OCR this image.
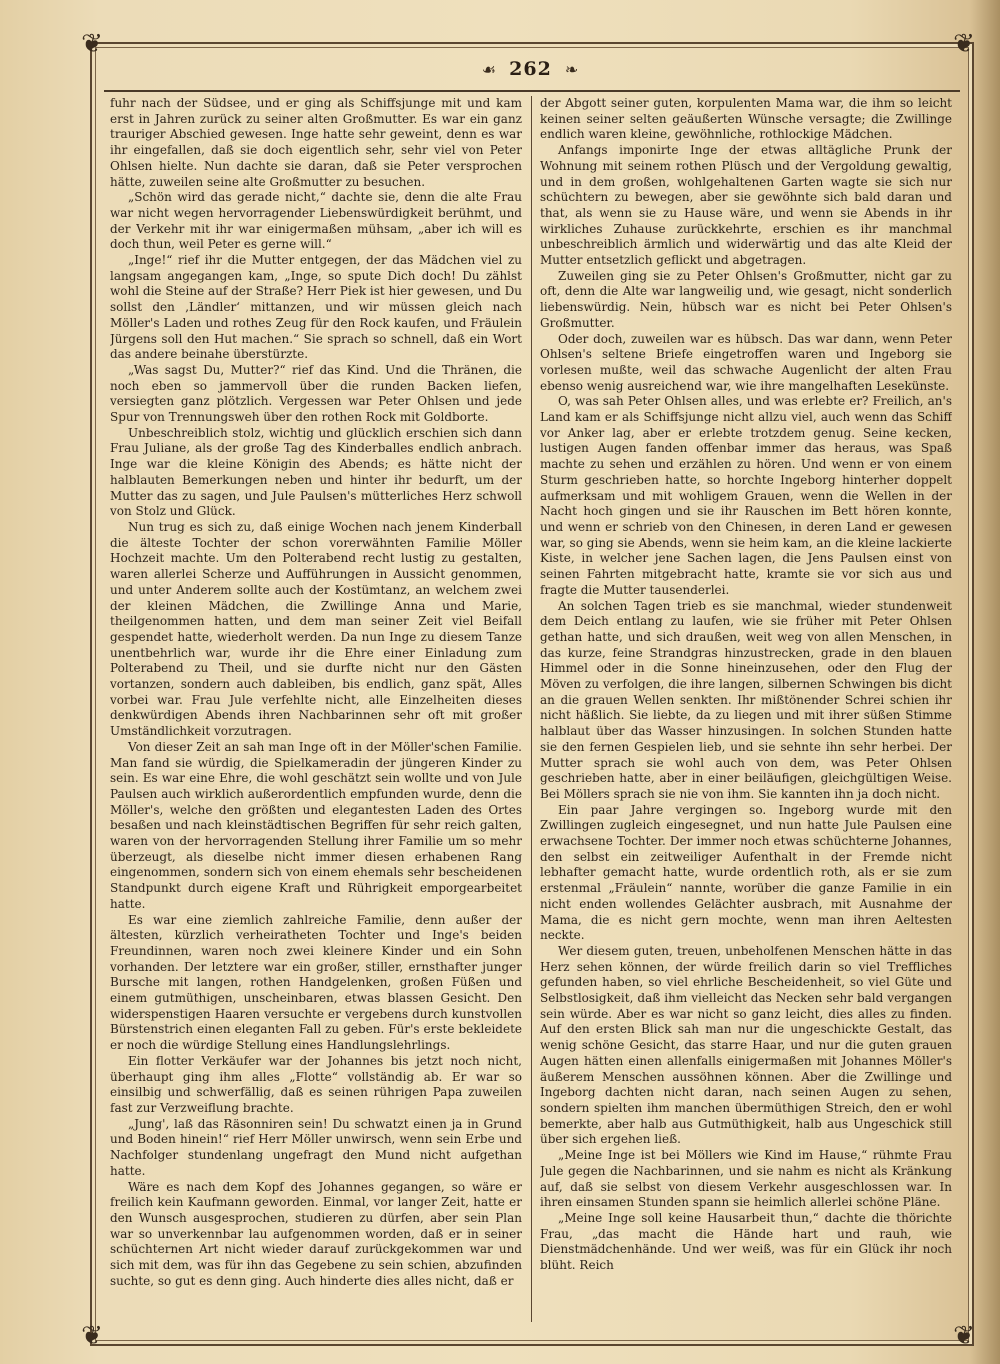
❦	❦
❦	❦
☙ 262 ❧

fuhr nach der Südsee, und er ging als Schiffsjunge mit und kam erst in Jahren zurück zu seiner alten Großmutter. Es war ein ganz trauriger Abschied gewesen. Inge hatte sehr geweint, denn es war ihr eingefallen, daß sie doch eigentlich sehr, sehr viel von Peter Ohlsen hielte. Nun dachte sie daran, daß sie Peter versprochen hätte, zuweilen seine alte Großmutter zu besuchen.

„Schön wird das gerade nicht,“ dachte sie, denn die alte Frau war nicht wegen hervorragender Liebenswürdigkeit berühmt, und der Verkehr mit ihr war einigermaßen mühsam, „aber ich will es doch thun, weil Peter es gerne will.“

„Inge!“ rief ihr die Mutter entgegen, der das Mädchen viel zu langsam angegangen kam, „Inge, so spute Dich doch! Du zählst wohl die Steine auf der Straße? Herr Piek ist hier gewesen, und Du sollst den ‚Ländler‘ mittanzen, und wir müssen gleich nach Möller's Laden und rothes Zeug für den Rock kaufen, und Fräulein Jürgens soll den Hut machen.“ Sie sprach so schnell, daß ein Wort das andere beinahe überstürzte.

„Was sagst Du, Mutter?“ rief das Kind. Und die Thränen, die noch eben so jammervoll über die runden Backen liefen, versiegten ganz plötzlich. Vergessen war Peter Ohlsen und jede Spur von Trennungsweh über den rothen Rock mit Goldborte.

Unbeschreiblich stolz, wichtig und glücklich erschien sich dann Frau Juliane, als der große Tag des Kinderballes endlich anbrach. Inge war die kleine Königin des Abends; es hätte nicht der halblauten Bemerkungen neben und hinter ihr bedurft, um der Mutter das zu sagen, und Jule Paulsen's mütterliches Herz schwoll von Stolz und Glück.

Nun trug es sich zu, daß einige Wochen nach jenem Kinderball die älteste Tochter der schon vorerwähnten Familie Möller Hochzeit machte. Um den Polterabend recht lustig zu gestalten, waren allerlei Scherze und Aufführungen in Aussicht genommen, und unter Anderem sollte auch der Kostümtanz, an welchem zwei der kleinen Mädchen, die Zwillinge Anna und Marie, theilgenommen hatten, und dem man seiner Zeit viel Beifall gespendet hatte, wiederholt werden. Da nun Inge zu diesem Tanze unentbehrlich war, wurde ihr die Ehre einer Einladung zum Polterabend zu Theil, und sie durfte nicht nur den Gästen vortanzen, sondern auch dableiben, bis endlich, ganz spät, Alles vorbei war. Frau Jule verfehlte nicht, alle Einzelheiten dieses denkwürdigen Abends ihren Nachbarinnen sehr oft mit großer Umständlichkeit vorzutragen.

Von dieser Zeit an sah man Inge oft in der Möller'schen Familie. Man fand sie würdig, die Spielkameradin der jüngeren Kinder zu sein. Es war eine Ehre, die wohl geschätzt sein wollte und von Jule Paulsen auch wirklich außerordentlich empfunden wurde, denn die Möller's, welche den größten und elegantesten Laden des Ortes besaßen und nach kleinstädtischen Begriffen für sehr reich galten, waren von der hervorragenden Stellung ihrer Familie um so mehr überzeugt, als dieselbe nicht immer diesen erhabenen Rang eingenommen, sondern sich von einem ehemals sehr bescheidenen Standpunkt durch eigene Kraft und Rührigkeit emporgearbeitet hatte.

Es war eine ziemlich zahlreiche Familie, denn außer der ältesten, kürzlich verheiratheten Tochter und Inge's beiden Freundinnen, waren noch zwei kleinere Kinder und ein Sohn vorhanden. Der letztere war ein großer, stiller, ernsthafter junger Bursche mit langen, rothen Handgelenken, großen Füßen und einem gutmüthigen, unscheinbaren, etwas blassen Gesicht. Den widerspenstigen Haaren versuchte er vergebens durch kunstvollen Bürstenstrich einen eleganten Fall zu geben. Für's erste bekleidete er noch die würdige Stellung eines Handlungslehrlings.

Ein flotter Verkäufer war der Johannes bis jetzt noch nicht, überhaupt ging ihm alles „Flotte“ vollständig ab. Er war so einsilbig und schwerfällig, daß es seinen rührigen Papa zuweilen fast zur Verzweiflung brachte.

„Jung', laß das Räsonniren sein! Du schwatzt einen ja in Grund und Boden hinein!“ rief Herr Möller unwirsch, wenn sein Erbe und Nachfolger stundenlang ungefragt den Mund nicht aufgethan hatte.

Wäre es nach dem Kopf des Johannes gegangen, so wäre er freilich kein Kaufmann geworden. Einmal, vor langer Zeit, hatte er den Wunsch ausgesprochen, studieren zu dürfen, aber sein Plan war so unverkennbar lau aufgenommen worden, daß er in seiner schüchternen Art nicht wieder darauf zurückgekommen war und sich mit dem, was für ihn das Gegebene zu sein schien, abzufinden suchte, so gut es denn ging. Auch hinderte dies alles nicht, daß er

der Abgott seiner guten, korpulenten Mama war, die ihm so leicht keinen seiner selten geäußerten Wünsche versagte; die Zwillinge endlich waren kleine, gewöhnliche, rothlockige Mädchen.

Anfangs imponirte Inge der etwas alltägliche Prunk der Wohnung mit seinem rothen Plüsch und der Vergoldung gewaltig, und in dem großen, wohlgehaltenen Garten wagte sie sich nur schüchtern zu bewegen, aber sie gewöhnte sich bald daran und that, als wenn sie zu Hause wäre, und wenn sie Abends in ihr wirkliches Zuhause zurückkehrte, erschien es ihr manchmal unbeschreiblich ärmlich und widerwärtig und das alte Kleid der Mutter entsetzlich geflickt und abgetragen.

Zuweilen ging sie zu Peter Ohlsen's Großmutter, nicht gar zu oft, denn die Alte war langweilig und, wie gesagt, nicht sonderlich liebenswürdig. Nein, hübsch war es nicht bei Peter Ohlsen's Großmutter.

Oder doch, zuweilen war es hübsch. Das war dann, wenn Peter Ohlsen's seltene Briefe eingetroffen waren und Ingeborg sie vorlesen mußte, weil das schwache Augenlicht der alten Frau ebenso wenig ausreichend war, wie ihre mangelhaften Lesekünste.

O, was sah Peter Ohlsen alles, und was erlebte er? Freilich, an's Land kam er als Schiffsjunge nicht allzu viel, auch wenn das Schiff vor Anker lag, aber er erlebte trotzdem genug. Seine kecken, lustigen Augen fanden offenbar immer das heraus, was Spaß machte zu sehen und erzählen zu hören. Und wenn er von einem Sturm geschrieben hatte, so horchte Ingeborg hinterher doppelt aufmerksam und mit wohligem Grauen, wenn die Wellen in der Nacht hoch gingen und sie ihr Rauschen im Bett hören konnte, und wenn er schrieb von den Chinesen, in deren Land er gewesen war, so ging sie Abends, wenn sie heim kam, an die kleine lackierte Kiste, in welcher jene Sachen lagen, die Jens Paulsen einst von seinen Fahrten mitgebracht hatte, kramte sie vor sich aus und fragte die Mutter tausenderlei.

An solchen Tagen trieb es sie manchmal, wieder stundenweit dem Deich entlang zu laufen, wie sie früher mit Peter Ohlsen gethan hatte, und sich draußen, weit weg von allen Menschen, in das kurze, feine Strandgras hinzustrecken, grade in den blauen Himmel oder in die Sonne hineinzusehen, oder den Flug der Möven zu verfolgen, die ihre langen, silbernen Schwingen bis dicht an die grauen Wellen senkten. Ihr mißtönender Schrei schien ihr nicht häßlich. Sie liebte, da zu liegen und mit ihrer süßen Stimme halblaut über das Wasser hinzusingen. In solchen Stunden hatte sie den fernen Gespielen lieb, und sie sehnte ihn sehr herbei. Der Mutter sprach sie wohl auch von dem, was Peter Ohlsen geschrieben hatte, aber in einer beiläufigen, gleichgültigen Weise. Bei Möllers sprach sie nie von ihm. Sie kannten ihn ja doch nicht.

Ein paar Jahre vergingen so. Ingeborg wurde mit den Zwillingen zugleich eingesegnet, und nun hatte Jule Paulsen eine erwachsene Tochter. Der immer noch etwas schüchterne Johannes, den selbst ein zeitweiliger Aufenthalt in der Fremde nicht lebhafter gemacht hatte, wurde ordentlich roth, als er sie zum erstenmal „Fräulein“ nannte, worüber die ganze Familie in ein nicht enden wollendes Gelächter ausbrach, mit Ausnahme der Mama, die es nicht gern mochte, wenn man ihren Aeltesten neckte.

Wer diesem guten, treuen, unbeholfenen Menschen hätte in das Herz sehen können, der würde freilich darin so viel Treffliches gefunden haben, so viel ehrliche Bescheidenheit, so viel Güte und Selbstlosigkeit, daß ihm vielleicht das Necken sehr bald vergangen sein würde. Aber es war nicht so ganz leicht, dies alles zu finden. Auf den ersten Blick sah man nur die ungeschickte Gestalt, das wenig schöne Gesicht, das starre Haar, und nur die guten grauen Augen hätten einen allenfalls einigermaßen mit Johannes Möller's äußerem Menschen aussöhnen können. Aber die Zwillinge und Ingeborg dachten nicht daran, nach seinen Augen zu sehen, sondern spielten ihm manchen übermüthigen Streich, den er wohl bemerkte, aber halb aus Gutmüthigkeit, halb aus Ungeschick still über sich ergehen ließ.

„Meine Inge ist bei Möllers wie Kind im Hause,“ rühmte Frau Jule gegen die Nachbarinnen, und sie nahm es nicht als Kränkung auf, daß sie selbst von diesem Verkehr ausgeschlossen war. In ihren einsamen Stunden spann sie heimlich allerlei schöne Pläne.

„Meine Inge soll keine Hausarbeit thun,“ dachte die thörichte Frau, „das macht die Hände hart und rauh, wie Dienstmädchenhände. Und wer weiß, was für ein Glück ihr noch blüht. Reich
